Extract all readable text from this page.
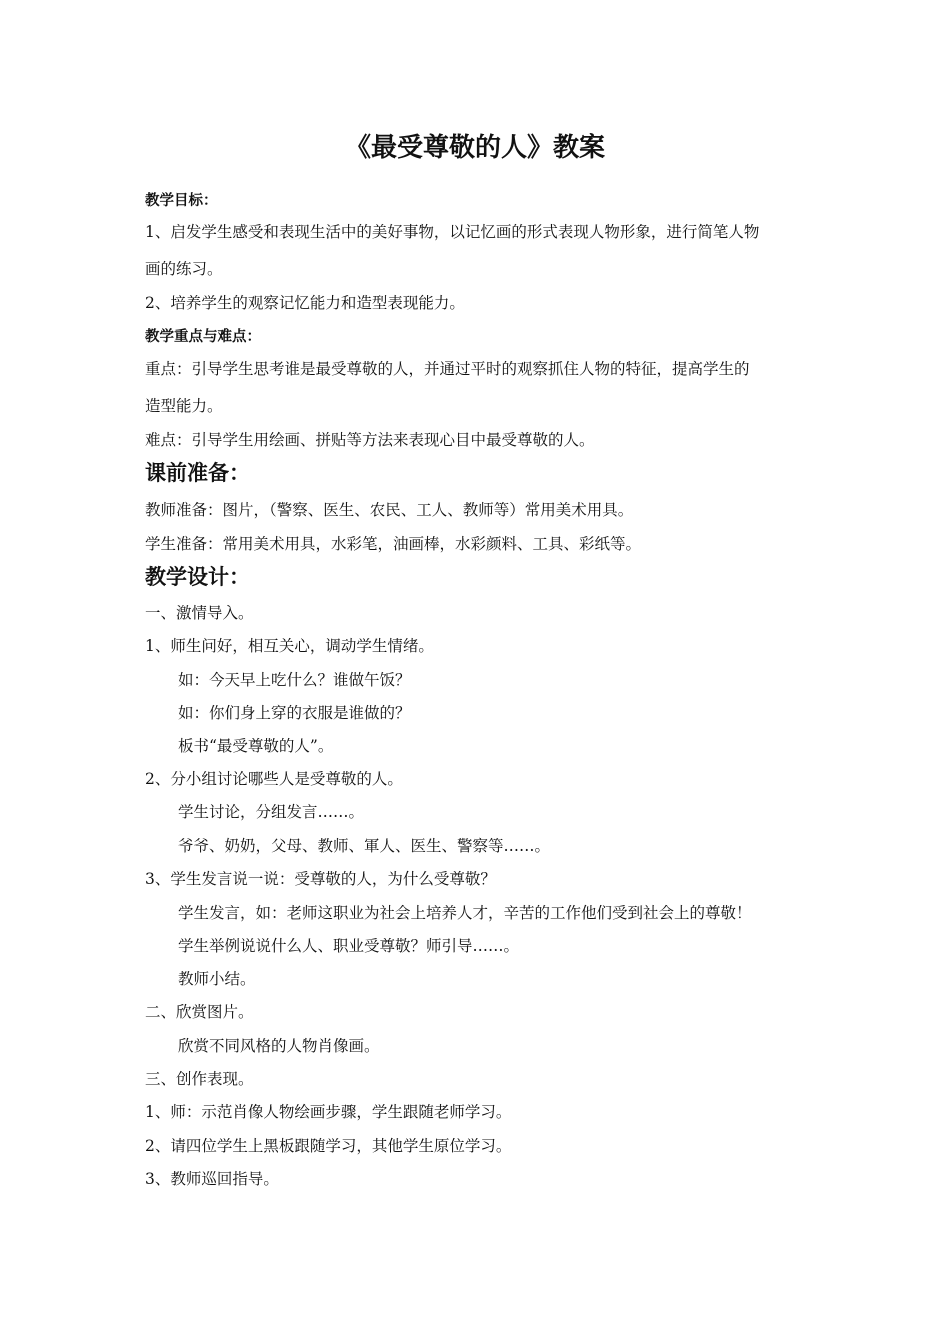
《最受尊敬的人》教案
教学目标：
1、启发学生感受和表现生活中的美好事物，以记忆画的形式表现人物形象，进行简笔人物
画的练习。
2、培养学生的观察记忆能力和造型表现能力。
教学重点与难点：
重点：引导学生思考谁是最受尊敬的人，并通过平时的观察抓住人物的特征，提高学生的
造型能力。
难点：引导学生用绘画、拼贴等方法来表现心目中最受尊敬的人。
课前准备：
教师准备：图片，（警察、医生、农民、工人、教师等）常用美术用具。
学生准备：常用美术用具，水彩笔，油画棒，水彩颜料、工具、彩纸等。
教学设计：
一、激情导入。
1、师生问好，相互关心，调动学生情绪。
如：今天早上吃什么？谁做午饭？
如：你们身上穿的衣服是谁做的？
板书“最受尊敬的人”。
2、分小组讨论哪些人是受尊敬的人。
学生讨论，分组发言……。
爷爷、奶奶，父母、教师、軍人、医生、警察等……。
3、学生发言说一说：受尊敬的人，为什么受尊敬？
学生发言，如：老师这职业为社会上培养人才，辛苦的工作他们受到社会上的尊敬！
学生举例说说什么人、职业受尊敬？师引导……。
教师小结。
二、欣赏图片。
欣赏不同风格的人物肖像画。
三、创作表现。
1、师：示范肖像人物绘画步骤，学生跟随老师学习。
2、请四位学生上黑板跟随学习，其他学生原位学习。
3、教师巡回指导。
